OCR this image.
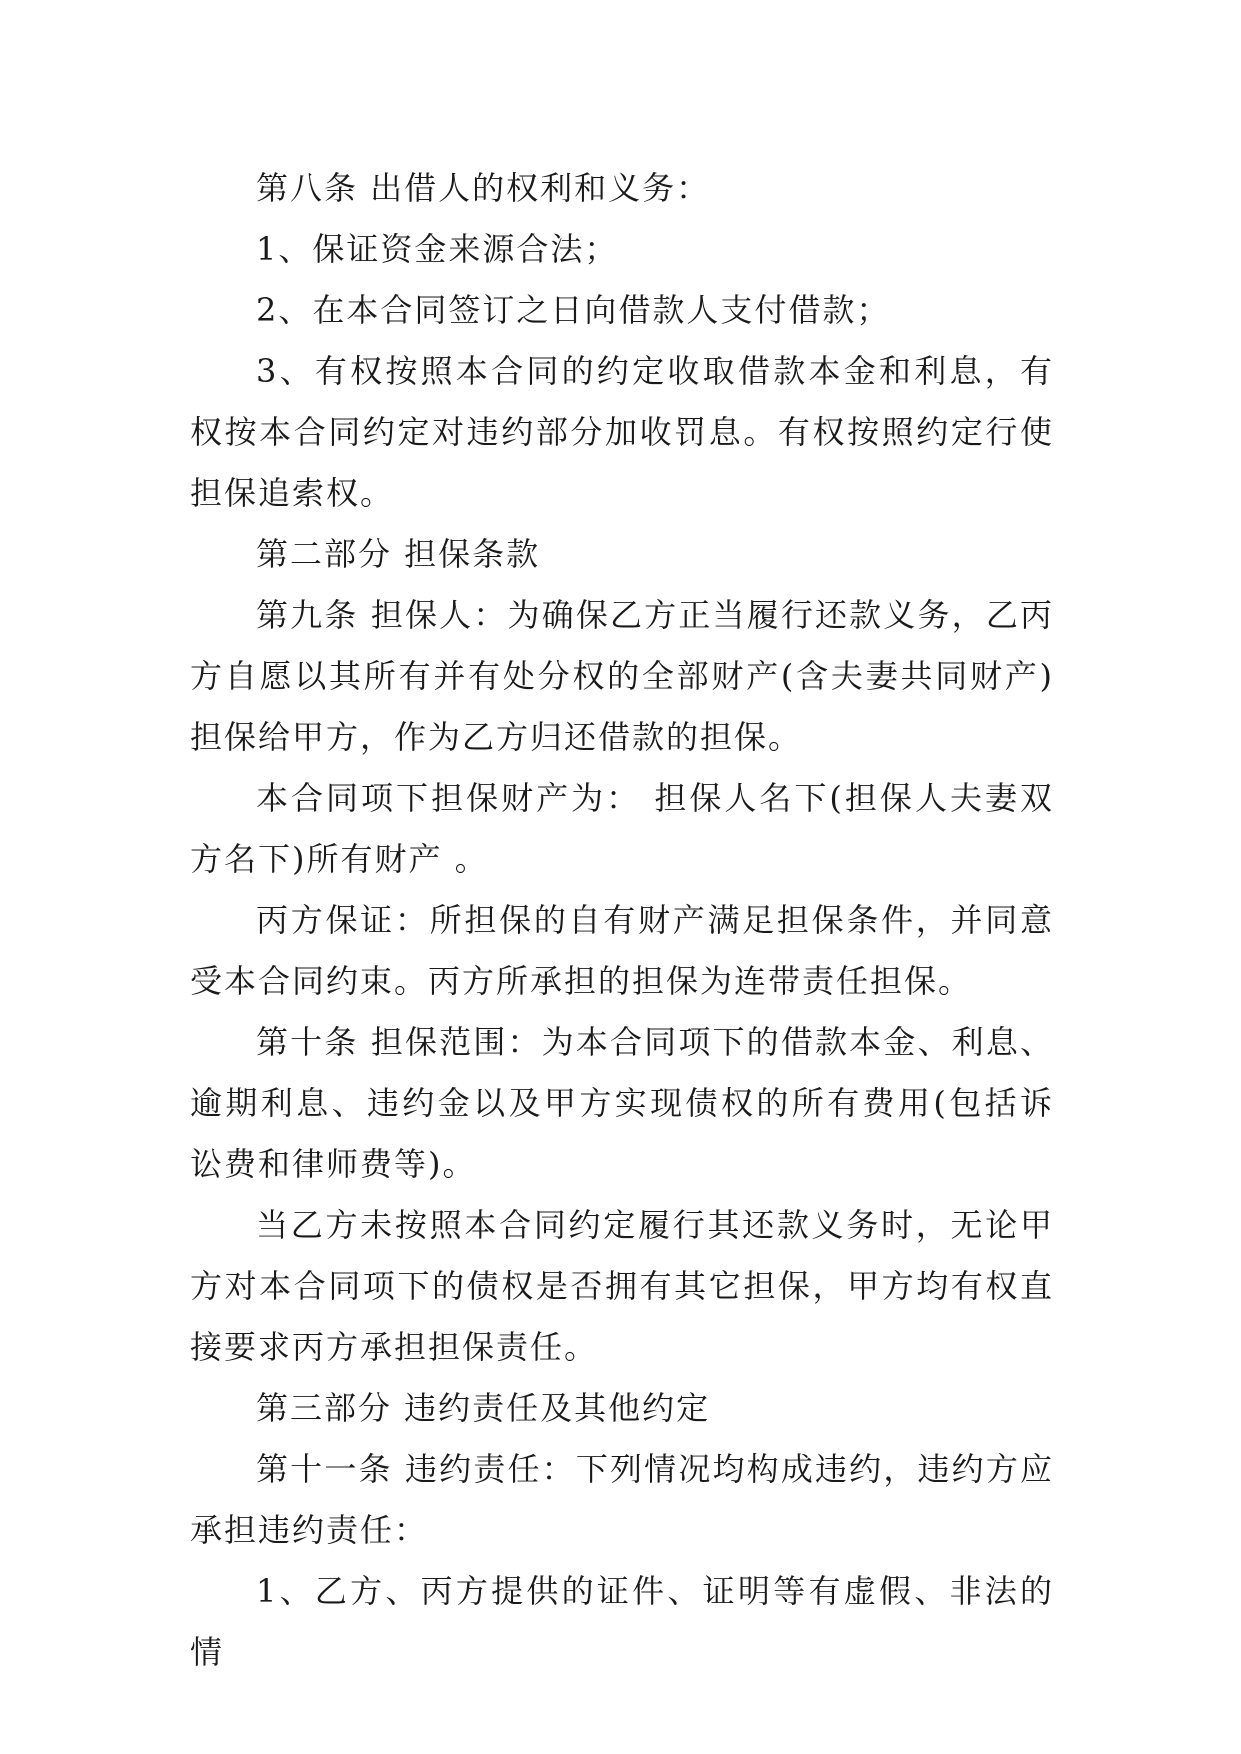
第八条 出借人的权利和义务：

1、保证资金来源合法；

2、在本合同签订之日向借款人支付借款；

3、有权按照本合同的约定收取借款本金和利息，有权按本合同约定对违约部分加收罚息。有权按照约定行使担保追索权。

第二部分 担保条款

第九条 担保人：为确保乙方正当履行还款义务，乙丙方自愿以其所有并有处分权的全部财产(含夫妻共同财产)担保给甲方，作为乙方归还借款的担保。

本合同项下担保财产为： 担保人名下(担保人夫妻双方名下)所有财产 。

丙方保证：所担保的自有财产满足担保条件，并同意受本合同约束。丙方所承担的担保为连带责任担保。

第十条 担保范围：为本合同项下的借款本金、利息、逾期利息、违约金以及甲方实现债权的所有费用(包括诉讼费和律师费等)。

当乙方未按照本合同约定履行其还款义务时，无论甲方对本合同项下的债权是否拥有其它担保，甲方均有权直接要求丙方承担担保责任。

第三部分 违约责任及其他约定

第十一条 违约责任：下列情况均构成违约，违约方应承担违约责任：

1、乙方、丙方提供的证件、证明等有虚假、非法的情
